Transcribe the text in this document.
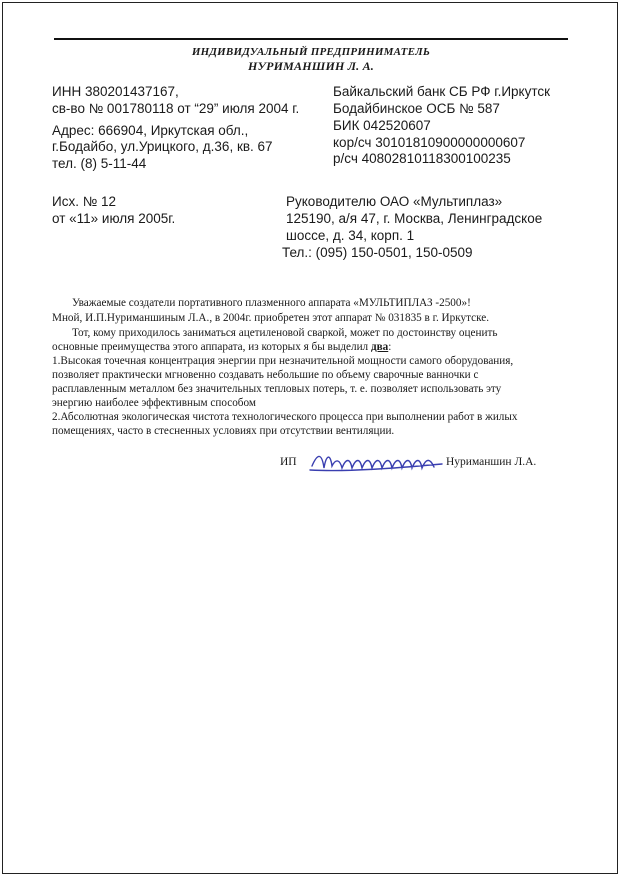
ИНДИВИДУАЛЬНЫЙ ПРЕДПРИНИМАТЕЛЬ
НУРИМАНШИН Л. А.
ИНН 380201437167,
св-во № 001780118 от “29” июля 2004 г.
Адрес: 666904, Иркутская обл.,
г.Бодайбо, ул.Урицкого, д.36, кв. 67
тел. (8) 5-11-44
Байкальский банк СБ РФ г.Иркутск
Бодайбинское ОСБ № 587
БИК 042520607
кор/сч 30101810900000000607
р/сч 40802810118300100235
Исх. № 12
от «11» июля 2005г.
Руководителю ОАО «Мультиплаз»
125190, а/я 47, г. Москва, Ленинградское
шоссе, д. 34, корп. 1
Тел.: (095) 150-0501, 150-0509
Уважаемые создатели портативного плазменного аппарата «МУЛЬТИПЛАЗ -2500»!
Мной, И.П.Нуриманшиным Л.А., в 2004г. приобретен этот аппарат № 031835 в г. Иркутске.
Тот, кому приходилось заниматься ацетиленовой сваркой, может по достоинству оценить
основные преимущества этого аппарата, из которых я бы выделил два:
1.Высокая точечная концентрация энергии при незначительной мощности самого оборудования,
позволяет практически мгновенно создавать небольшие по объему сварочные ванночки с
расплавленным металлом без значительных тепловых потерь, т. е. позволяет использовать эту
энергию наиболее эффективным способом
2.Абсолютная экологическая чистота технологического процесса при выполнении работ в жилых
помещениях, часто в стесненных условиях при отсутствии вентиляции.
ИП	Нуриманшин Л.А.
